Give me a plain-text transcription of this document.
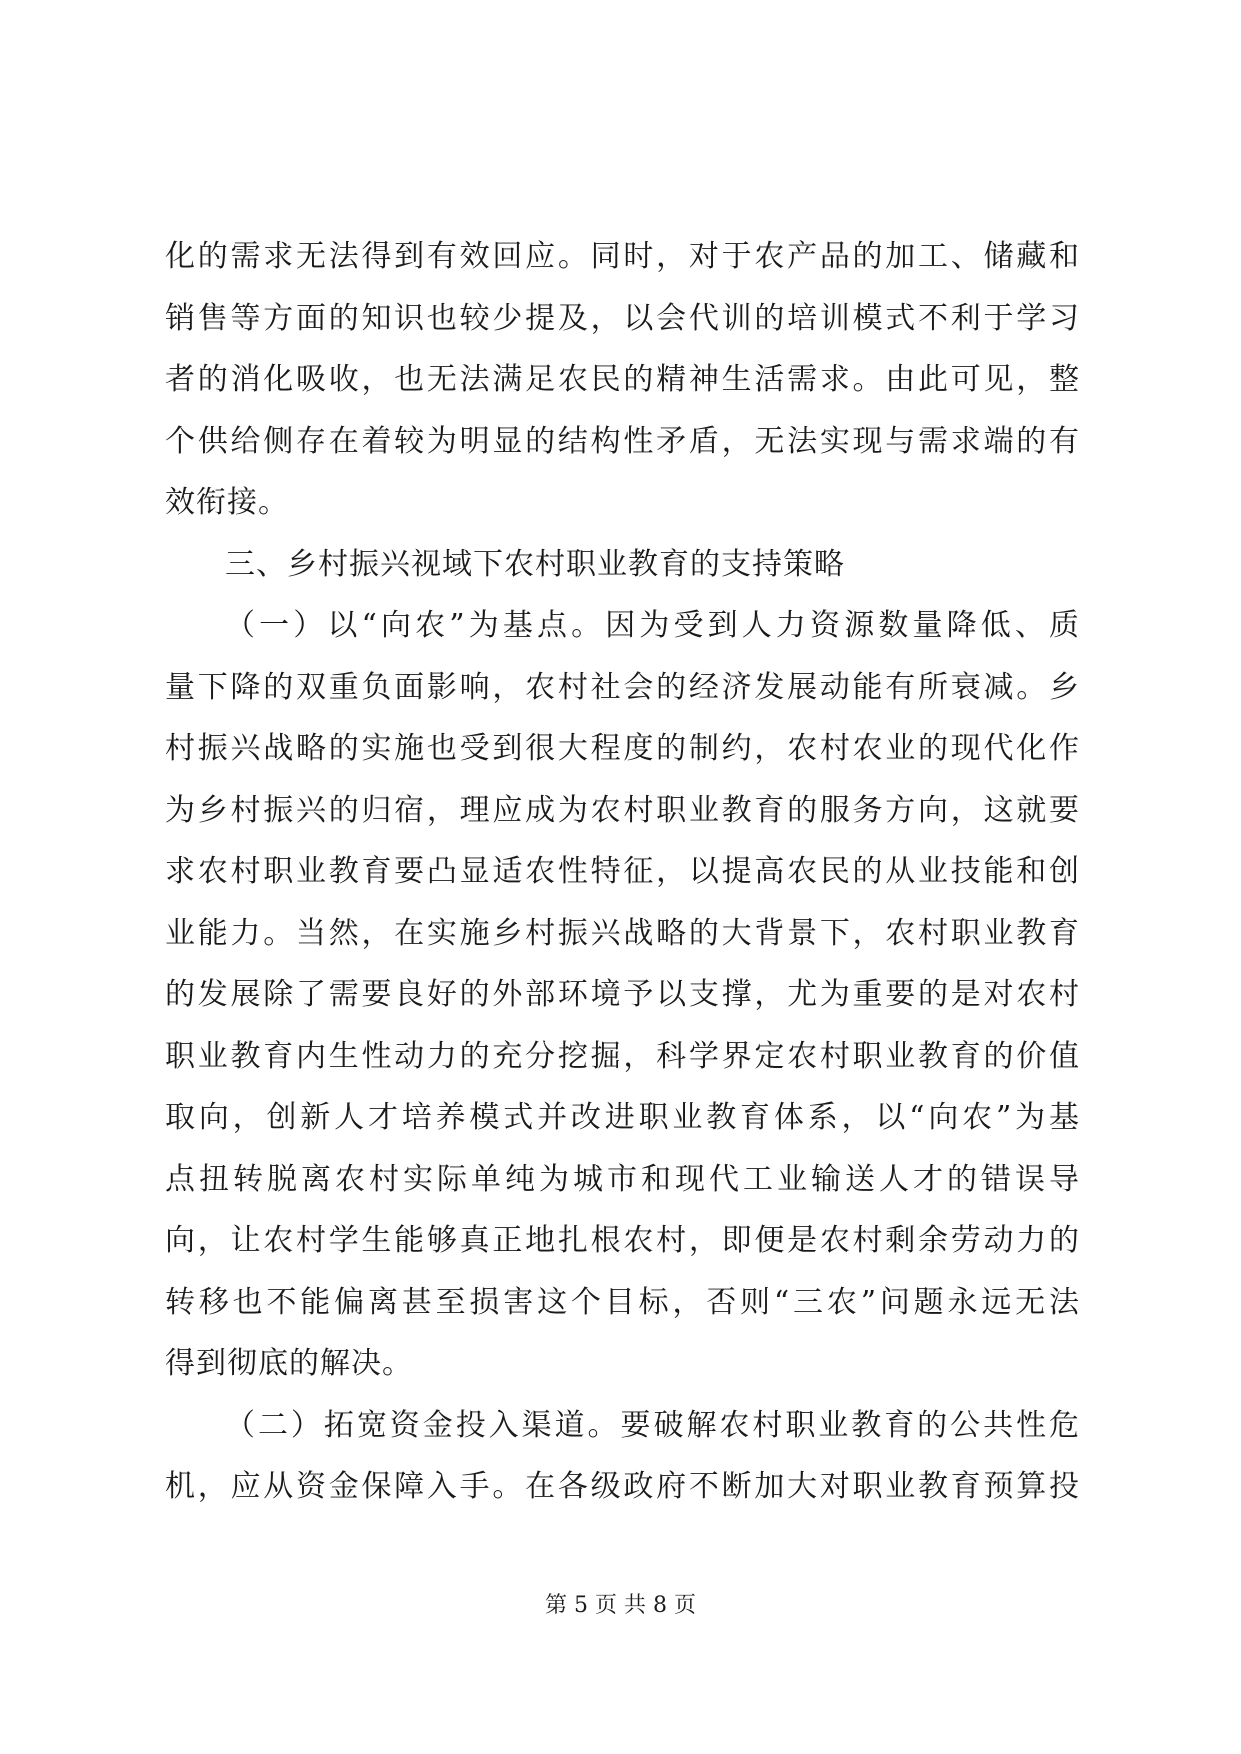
化的需求无法得到有效回应。同时，对于农产品的加工、储藏和
销售等方面的知识也较少提及，以会代训的培训模式不利于学习
者的消化吸收，也无法满足农民的精神生活需求。由此可见，整
个供给侧存在着较为明显的结构性矛盾，无法实现与需求端的有
效衔接。
三、乡村振兴视域下农村职业教育的支持策略
（一）以“向农”为基点。因为受到人力资源数量降低、质
量下降的双重负面影响，农村社会的经济发展动能有所衰减。乡
村振兴战略的实施也受到很大程度的制约，农村农业的现代化作
为乡村振兴的归宿，理应成为农村职业教育的服务方向，这就要
求农村职业教育要凸显适农性特征，以提高农民的从业技能和创
业能力。当然，在实施乡村振兴战略的大背景下，农村职业教育
的发展除了需要良好的外部环境予以支撑，尤为重要的是对农村
职业教育内生性动力的充分挖掘，科学界定农村职业教育的价值
取向，创新人才培养模式并改进职业教育体系，以“向农”为基
点扭转脱离农村实际单纯为城市和现代工业输送人才的错误导
向，让农村学生能够真正地扎根农村，即便是农村剩余劳动力的
转移也不能偏离甚至损害这个目标，否则“三农”问题永远无法
得到彻底的解决。
（二）拓宽资金投入渠道。要破解农村职业教育的公共性危
机，应从资金保障入手。在各级政府不断加大对职业教育预算投
第 5 页 共 8 页
